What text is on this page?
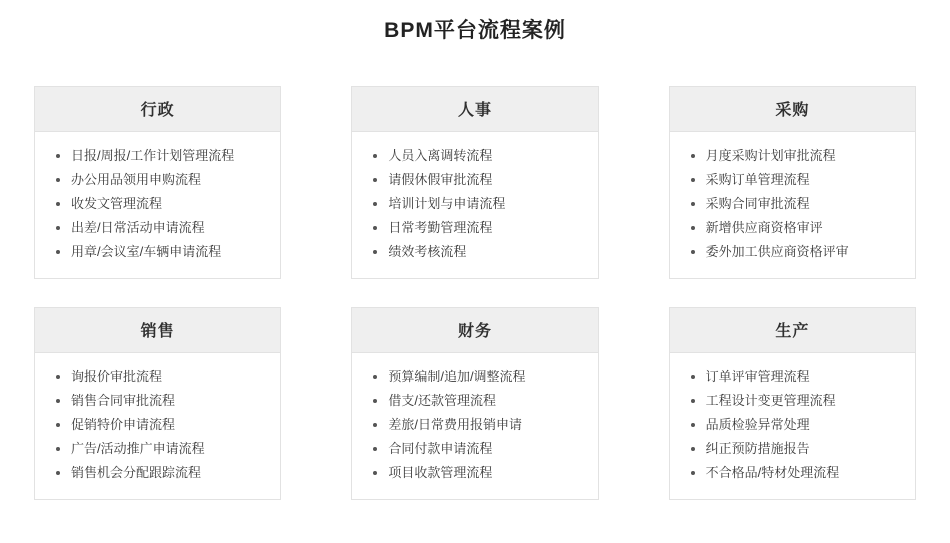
BPM平台流程案例
行政
日报/周报/工作计划管理流程
办公用品领用申购流程
收发文管理流程
出差/日常活动申请流程
用章/会议室/车辆申请流程
人事
人员入离调转流程
请假休假审批流程
培训计划与申请流程
日常考勤管理流程
绩效考核流程
采购
月度采购计划审批流程
采购订单管理流程
采购合同审批流程
新增供应商资格审评
委外加工供应商资格评审
销售
询报价审批流程
销售合同审批流程
促销特价申请流程
广告/活动推广申请流程
销售机会分配跟踪流程
财务
预算编制/追加/调整流程
借支/还款管理流程
差旅/日常费用报销申请
合同付款申请流程
项目收款管理流程
生产
订单评审管理流程
工程设计变更管理流程
品质检验异常处理
纠正预防措施报告
不合格品/特材处理流程
